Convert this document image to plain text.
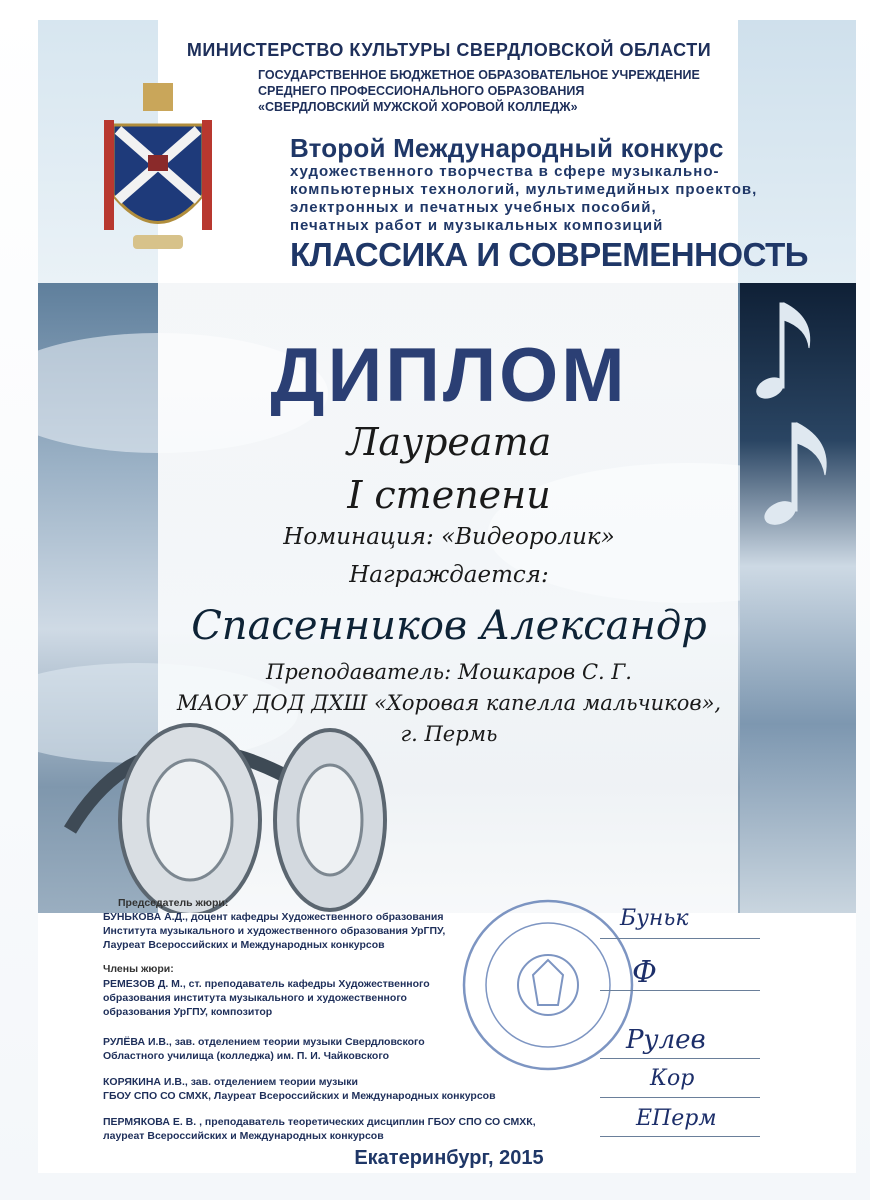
МИНИСТЕРСТВО КУЛЬТУРЫ СВЕРДЛОВСКОЙ ОБЛАСТИ
ГОСУДАРСТВЕННОЕ БЮДЖЕТНОЕ ОБРАЗОВАТЕЛЬНОЕ УЧРЕЖДЕНИЕ
СРЕДНЕГО ПРОФЕССИОНАЛЬНОГО ОБРАЗОВАНИЯ
«СВЕРДЛОВСКИЙ МУЖСКОЙ ХОРОВОЙ КОЛЛЕДЖ»
Второй Международный конкурс
художественного творчества в сфере музыкально-
компьютерных технологий, мультимедийных проектов,
электронных и печатных учебных пособий,
печатных работ и музыкальных композиций
КЛАССИКА И СОВРЕМЕННОСТЬ
ДИПЛОМ
Лауреата
I степени
Номинация: «Видеоролик»
Награждается:
Спасенников Александр
Преподаватель: Мошкаров С. Г.
МАОУ ДОД ДХШ «Хоровая капелла мальчиков»,
г. Пермь
Председатель жюри:
БУНЬКОВА А.Д., доцент кафедры Художественного образования
Института музыкального и художественного образования УрГПУ,
Лауреат Всероссийских и Международных конкурсов
Члены жюри:
РЕМЕЗОВ Д. М., ст. преподаватель кафедры Художественного
образования института музыкального и художественного
образования УрГПУ, композитор
РУЛЁВА И.В., зав. отделением теории музыки Свердловского
Областного училища (колледжа) им. П. И. Чайковского
КОРЯКИНА И.В., зав. отделением теории музыки
ГБОУ СПО СО СМХК, Лауреат Всероссийских и Международных конкурсов
ПЕРМЯКОВА Е. В. , преподаватель теоретических дисциплин ГБОУ СПО СО СМХК,
лауреат Всероссийских и Международных конкурсов
Буньк
Ф
Рулев
Кор
ЕПерм
Екатеринбург, 2015
